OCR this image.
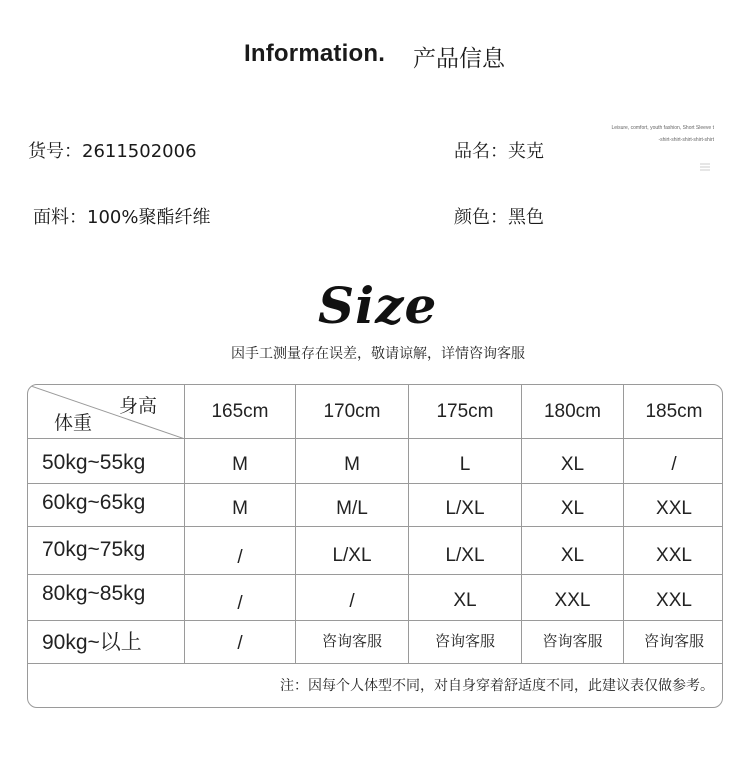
Information. 产品信息
货号：2611502006	品名：夹克
面料：100%聚酯纤维	颜色：黑色
Leisure, comfort, youth fashion, Short Sleeve t
-shirt-shirt-shirt-shirt-shirt
Size
因手工测量存在误差，敬请谅解，详情咨询客服
身高
体重
165cm	170cm	175cm	180cm	185cm
50kg~55kg	M	M	L	XL	/
60kg~65kg	M	M/L	L/XL	XL	XXL
70kg~75kg	/	L/XL	L/XL	XL	XXL
80kg~85kg	/	/	XL	XXL	XXL
90kg~以上	/	咨询客服	咨询客服	咨询客服	咨询客服
注：因每个人体型不同，对自身穿着舒适度不同，此建议表仅做参考。
